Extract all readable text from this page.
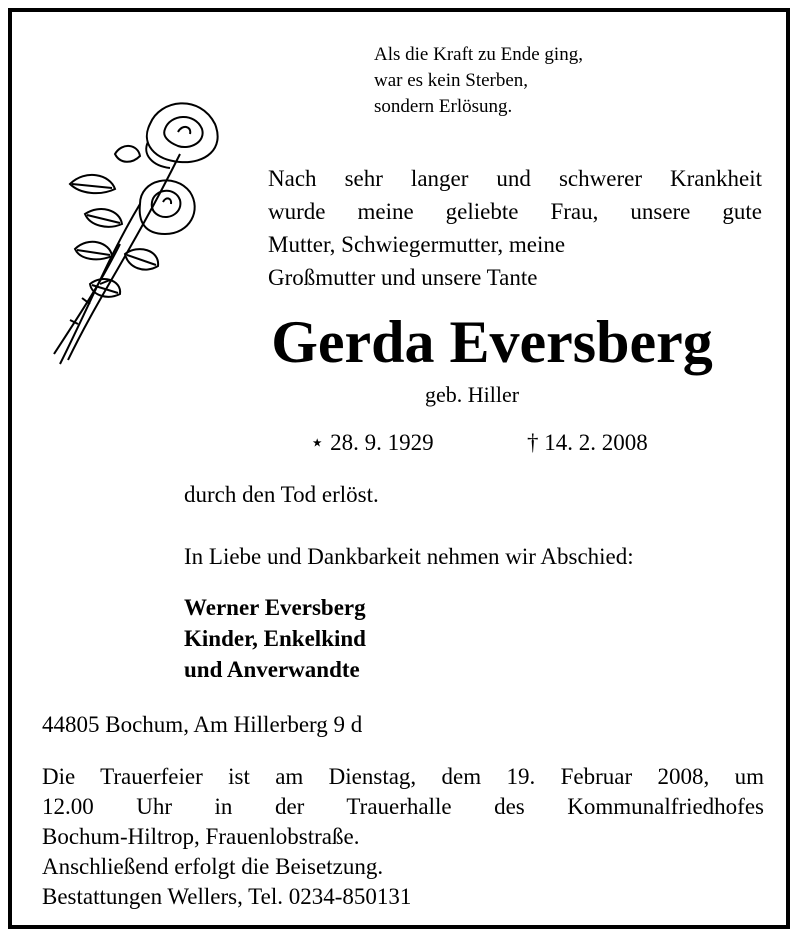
Als die Kraft zu Ende ging,
war es kein Sterben,
sondern Erlösung.
Nach sehr langer und schwerer Krankheit
wurde meine geliebte Frau, unsere gute
Mutter, Schwiegermutter, meine
Großmutter und unsere Tante
Gerda Eversberg
geb. Hiller
⋆ 28. 9. 1929	† 14. 2. 2008
durch den Tod erlöst.
In Liebe und Dankbarkeit nehmen wir Abschied:
Werner Eversberg
Kinder, Enkelkind
und Anverwandte
44805 Bochum, Am Hillerberg 9 d
Die Trauerfeier ist am Dienstag, dem 19. Februar 2008, um
12.00 Uhr in der Trauerhalle des Kommunalfriedhofes
Bochum-Hiltrop, Frauenlobstraße.
Anschließend erfolgt die Beisetzung.
Bestattungen Wellers, Tel. 0234-850131
